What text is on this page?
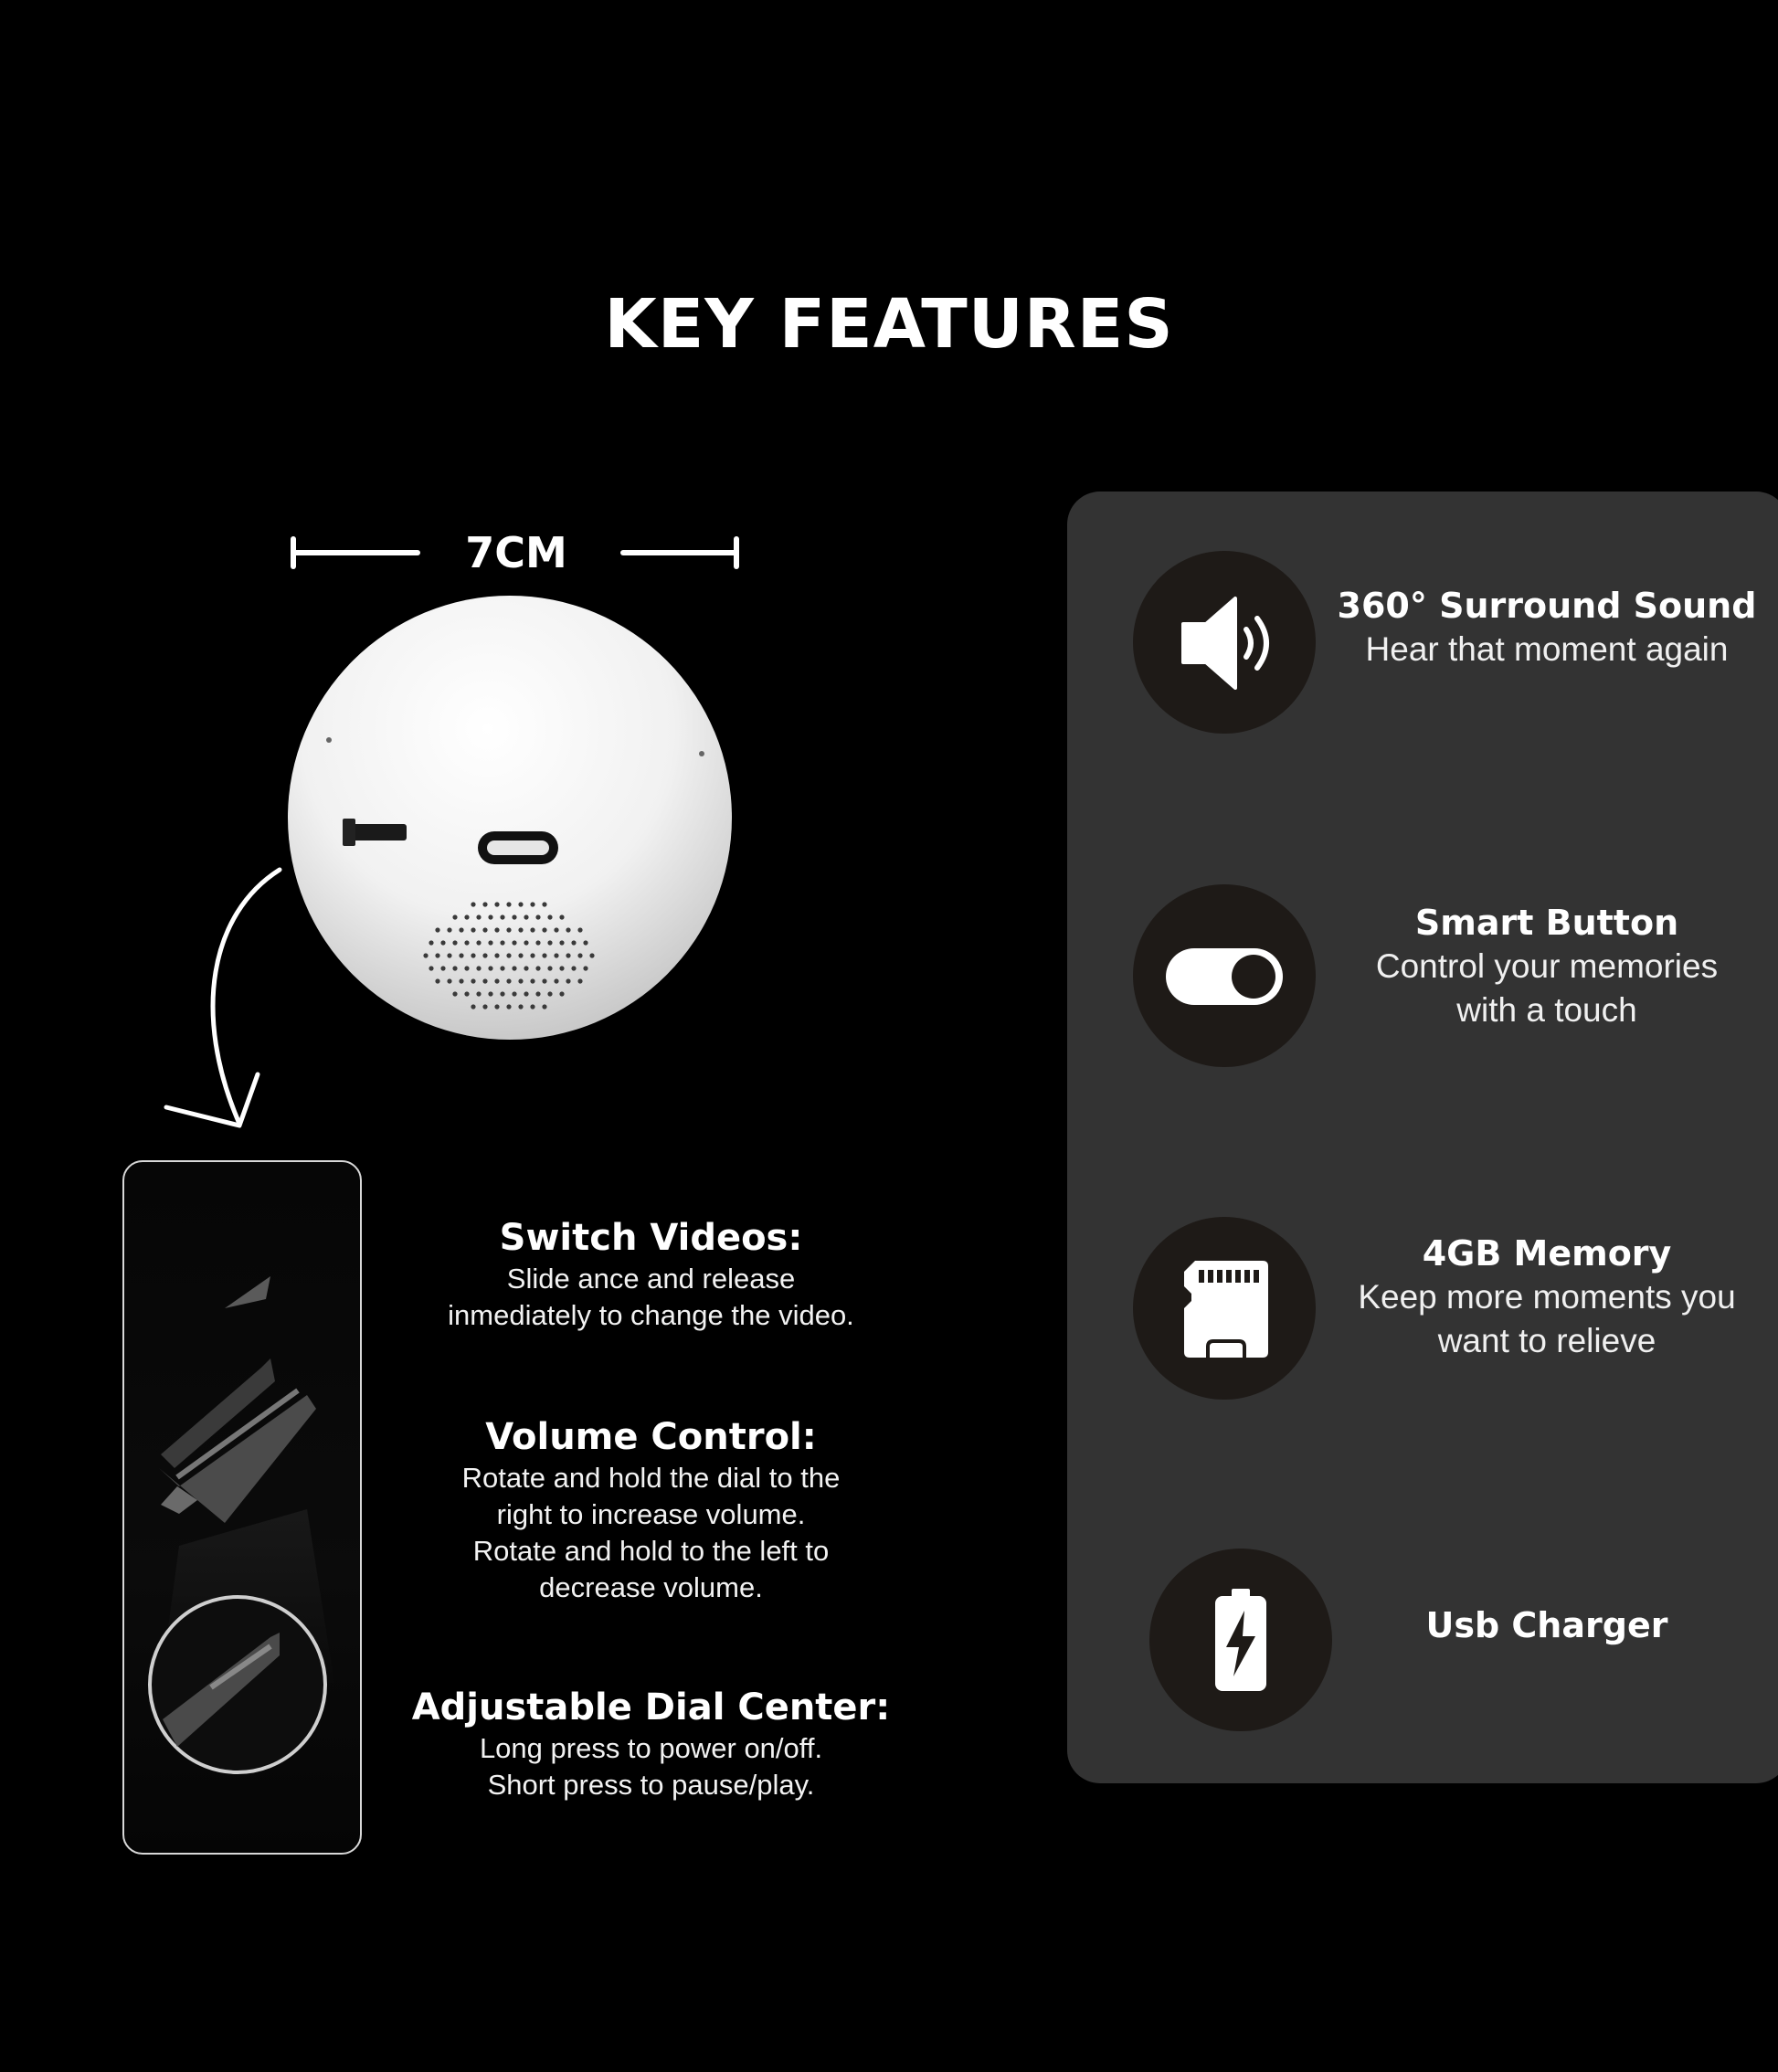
KEY FEATURES
7CM
Switch Videos:
Slide ance and release
inmediately to change the video.
Volume Control:
Rotate and hold the dial to the
right to increase volume.
Rotate and hold to the left to
decrease volume.
Adjustable Dial Center:
Long press to power on/off.
Short press to pause/play.
360° Surround Sound
Hear that moment again
Smart Button
Control your memories
with a touch
4GB Memory
Keep more moments you
want to relieve
Usb Charger
